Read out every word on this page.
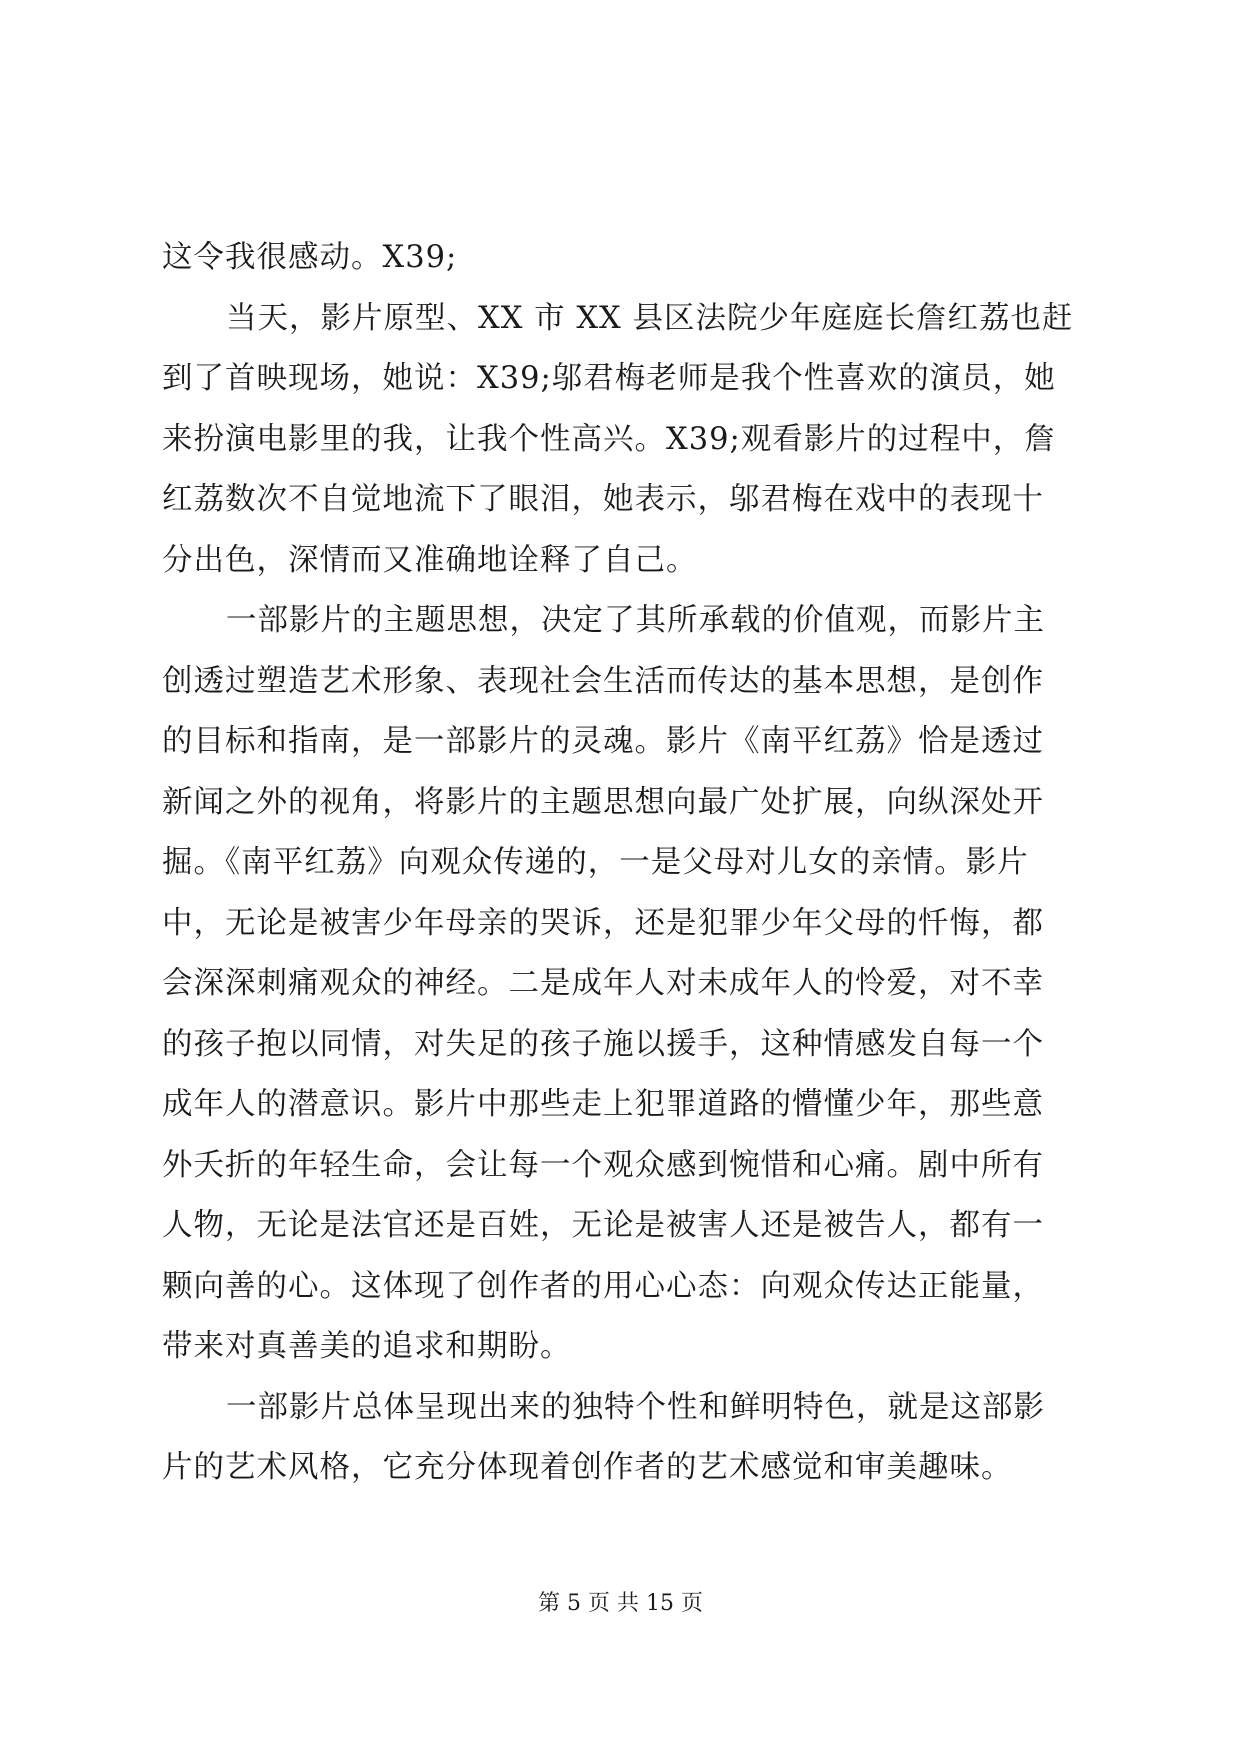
这令我很感动。X39;
当天，影片原型、XX 市 XX 县区法院少年庭庭长詹红荔也赶
到了首映现场，她说：X39;邬君梅老师是我个性喜欢的演员，她
来扮演电影里的我，让我个性高兴。X39;观看影片的过程中，詹
红荔数次不自觉地流下了眼泪，她表示，邬君梅在戏中的表现十
分出色，深情而又准确地诠释了自己。
一部影片的主题思想，决定了其所承载的价值观，而影片主
创透过塑造艺术形象、表现社会生活而传达的基本思想，是创作
的目标和指南，是一部影片的灵魂。影片《南平红荔》恰是透过
新闻之外的视角，将影片的主题思想向最广处扩展，向纵深处开
掘。《南平红荔》向观众传递的，一是父母对儿女的亲情。影片
中，无论是被害少年母亲的哭诉，还是犯罪少年父母的忏悔，都
会深深刺痛观众的神经。二是成年人对未成年人的怜爱，对不幸
的孩子抱以同情，对失足的孩子施以援手，这种情感发自每一个
成年人的潜意识。影片中那些走上犯罪道路的懵懂少年，那些意
外夭折的年轻生命，会让每一个观众感到惋惜和心痛。剧中所有
人物，无论是法官还是百姓，无论是被害人还是被告人，都有一
颗向善的心。这体现了创作者的用心心态：向观众传达正能量，
带来对真善美的追求和期盼。
一部影片总体呈现出来的独特个性和鲜明特色，就是这部影
片的艺术风格，它充分体现着创作者的艺术感觉和审美趣味。
第 5 页 共 15 页
